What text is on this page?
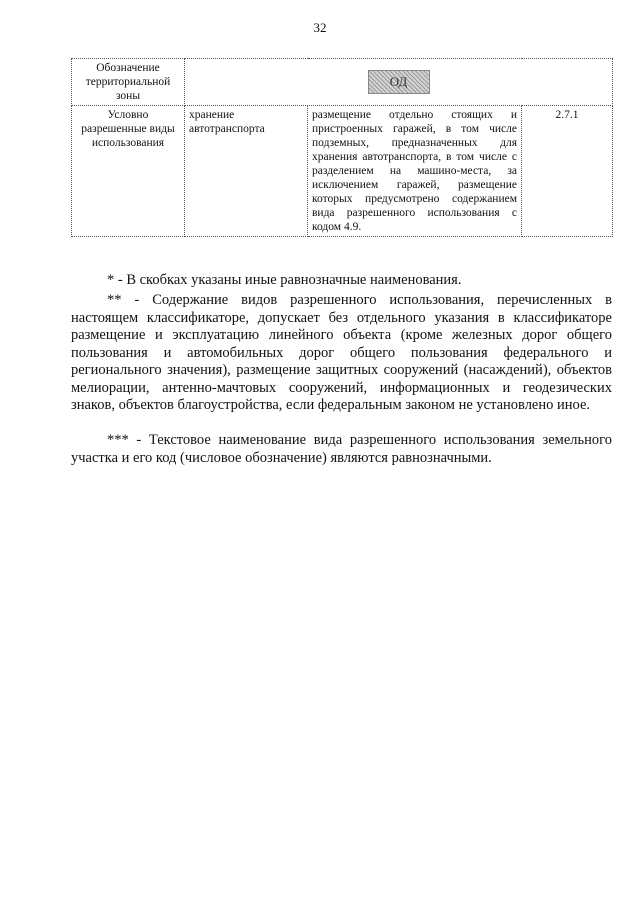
32
Обозначение территориальной зоны	ОД		
Условно разрешенные виды использования	хранение автотранспорта	размещение отдельно стоящих и пристроенных гаражей, в том числе подземных, предназначенных для хранения автотранспорта, в том числе с разделением на машино-места, за исключением гаражей, размещение которых предусмотрено содержанием вида разрешенного использования с кодом 4.9.	2.7.1

* - В скобках указаны иные равнозначные наименования.

** - Содержание видов разрешенного использования, перечисленных в настоящем классификаторе, допускает без отдельного указания в классификаторе размещение и эксплуатацию линейного объекта (кроме железных дорог общего пользования и автомобильных дорог общего пользования федерального и регионального значения), размещение защитных сооружений (насаждений), объектов мелиорации, антенно-мачтовых сооружений, информационных и геодезических знаков, объектов благоустройства, если федеральным законом не установлено иное.

*** - Текстовое наименование вида разрешенного использования земельного участка и его код (числовое обозначение) являются равнозначными.
